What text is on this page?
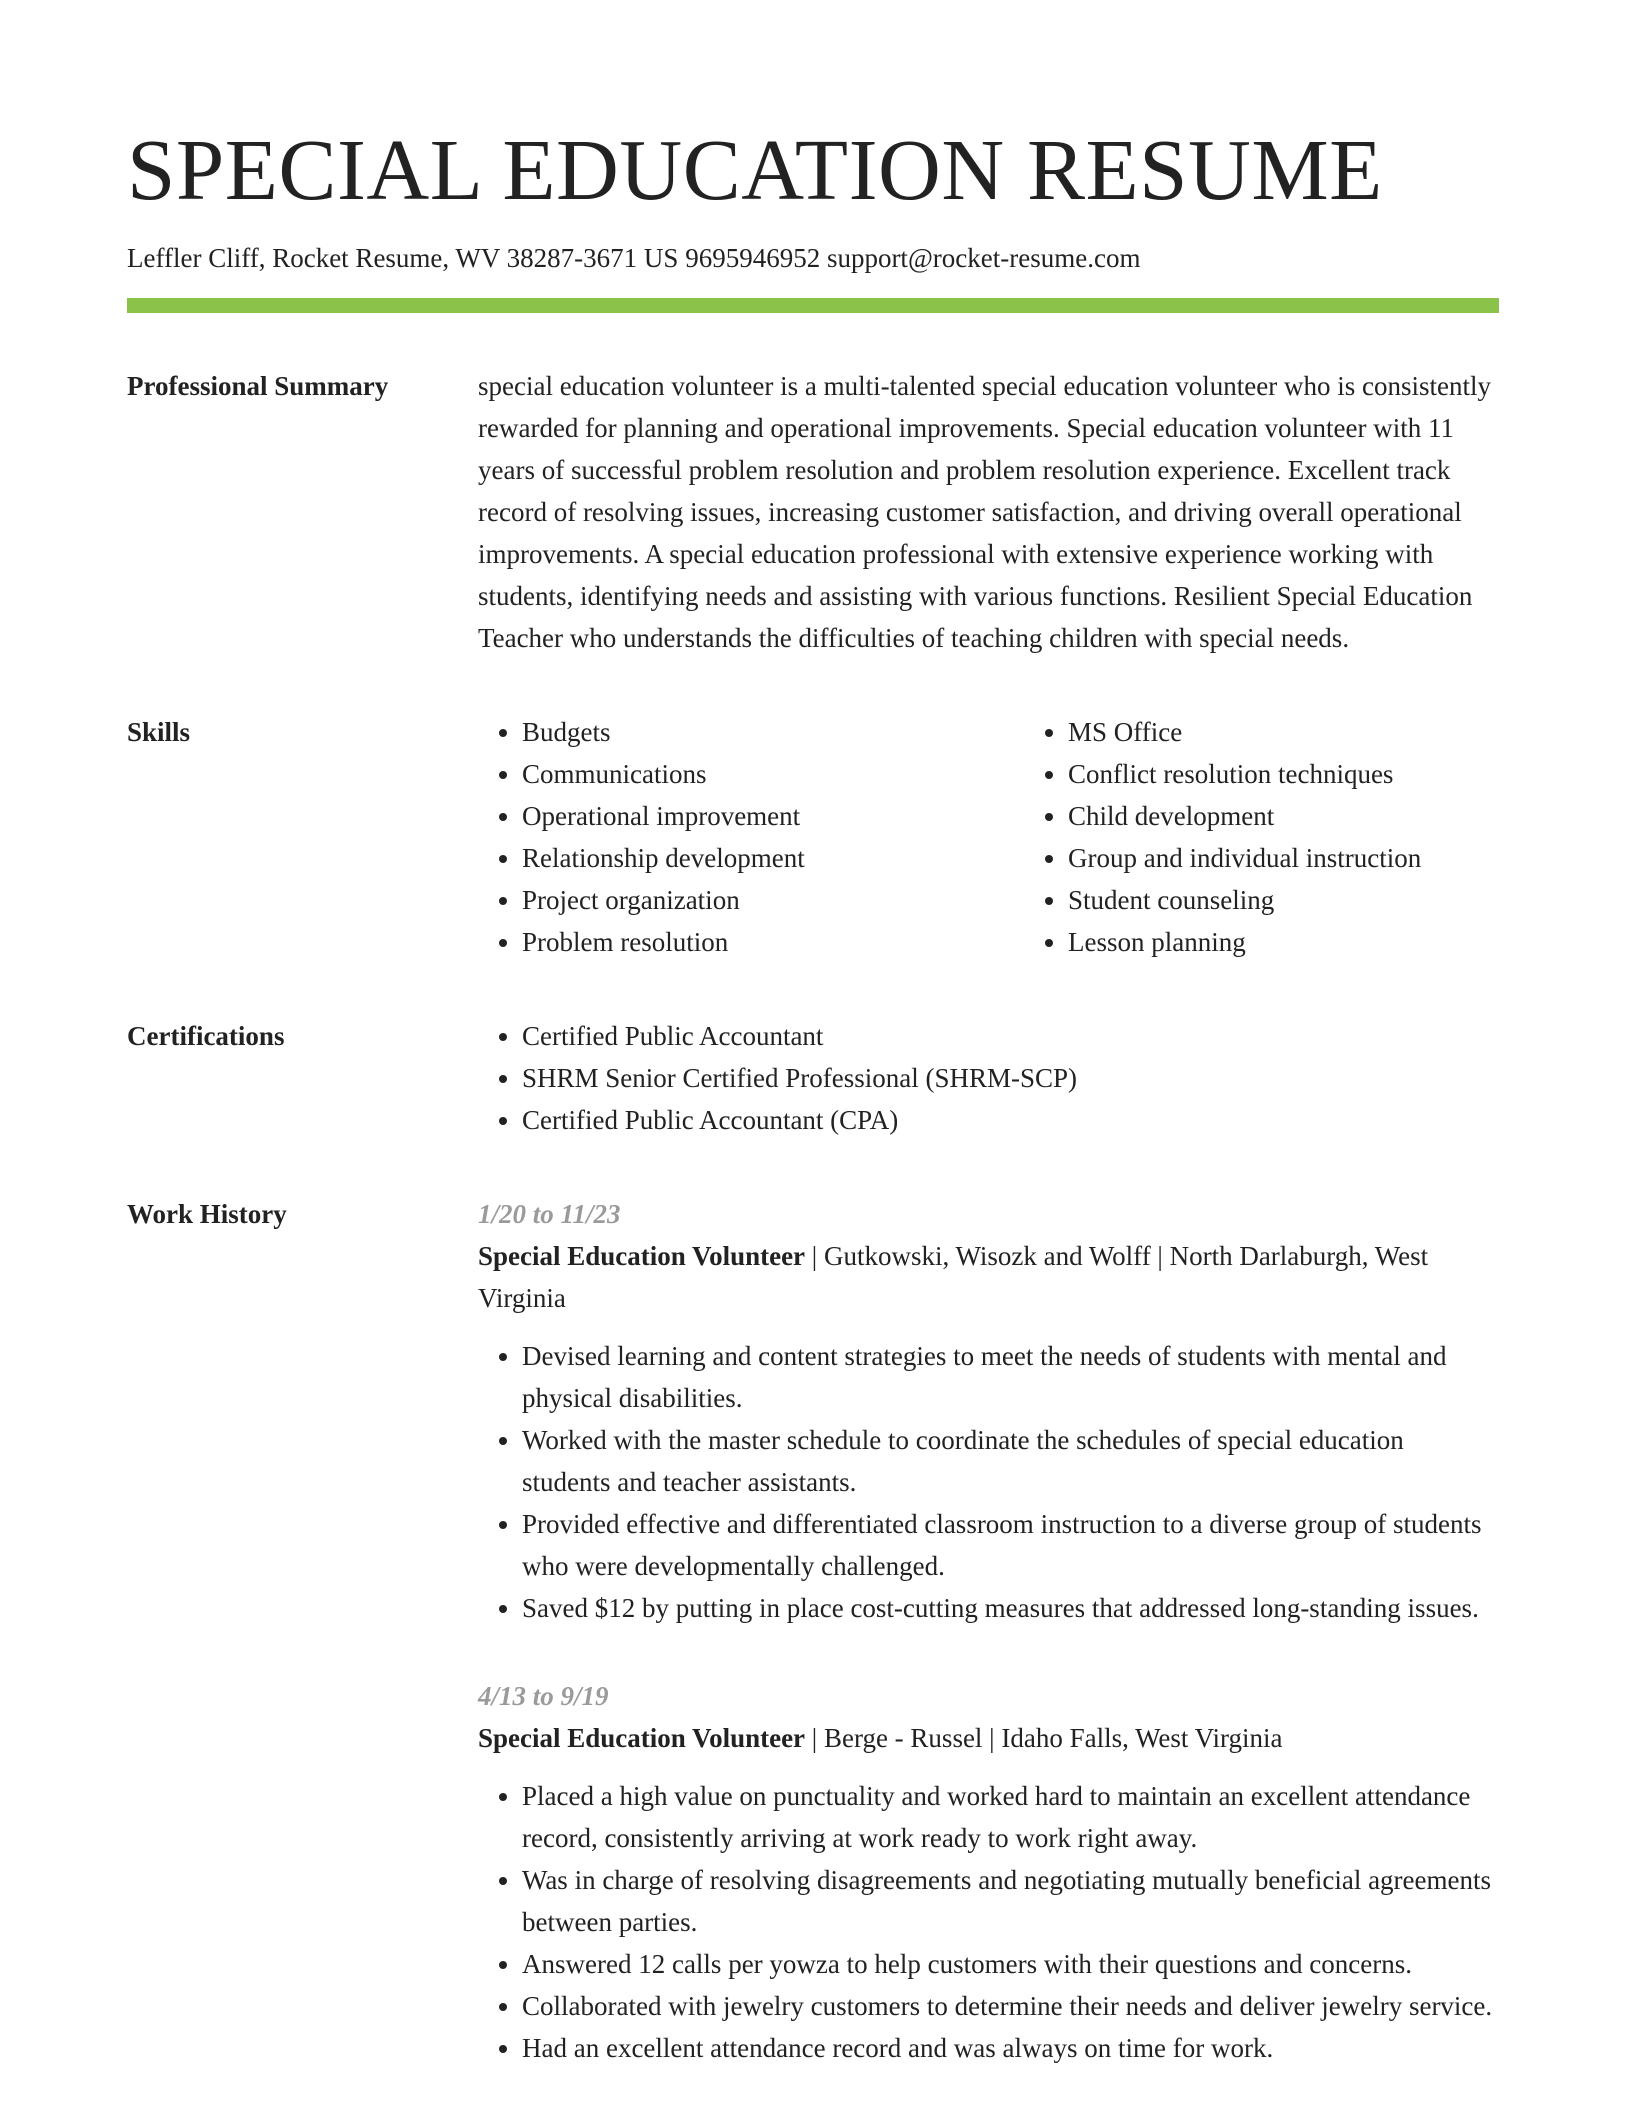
SPECIAL EDUCATION RESUME
Leffler Cliff, Rocket Resume, WV 38287-3671 US 9695946952 support@rocket-resume.com
Professional Summary	special education volunteer is a multi-talented special education volunteer who is consistently rewarded for planning and operational improvements. Special education volunteer with 11 years of successful problem resolution and problem resolution experience. Excellent track record of resolving issues, increasing customer satisfaction, and driving overall operational improvements. A special education professional with extensive experience working with students, identifying needs and assisting with various functions. Resilient Special Education Teacher who understands the difficulties of teaching children with special needs.

Skills	• Budgets
• Communications
• Operational improvement
• Relationship development
• Project organization
• Problem resolution
• MS Office
• Conflict resolution techniques
• Child development
• Group and individual instruction
• Student counseling
• Lesson planning
Certifications	• Certified Public Accountant
• SHRM Senior Certified Professional (SHRM-SCP)
• Certified Public Accountant (CPA)
Work History	1/20 to 11/23
Special Education Volunteer | Gutkowski, Wisozk and Wolff | North Darlaburgh, West Virginia
• Devised learning and content strategies to meet the needs of students with mental and physical disabilities.
• Worked with the master schedule to coordinate the schedules of special education students and teacher assistants.
• Provided effective and differentiated classroom instruction to a diverse group of students who were developmentally challenged.
• Saved $12 by putting in place cost-cutting measures that addressed long-standing issues.
4/13 to 9/19
Special Education Volunteer | Berge - Russel | Idaho Falls, West Virginia
• Placed a high value on punctuality and worked hard to maintain an excellent attendance record, consistently arriving at work ready to work right away.
• Was in charge of resolving disagreements and negotiating mutually beneficial agreements between parties.
• Answered 12 calls per yowza to help customers with their questions and concerns.
• Collaborated with jewelry customers to determine their needs and deliver jewelry service.
• Had an excellent attendance record and was always on time for work.
